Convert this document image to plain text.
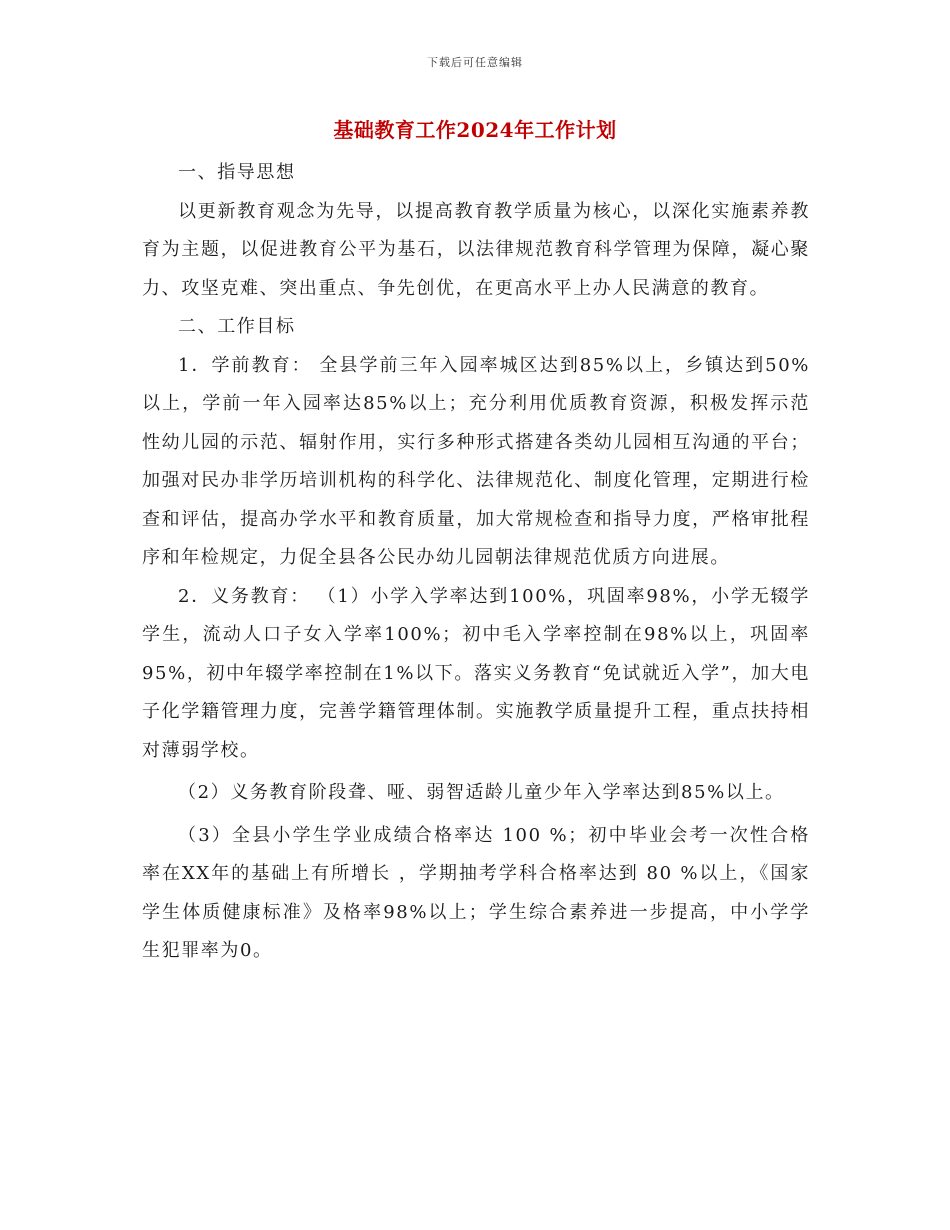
下载后可任意编辑
基础教育工作2024年工作计划

一、指导思想

以更新教育观念为先导，以提高教育教学质量为核心，以深化实施素养教育为主题，以促进教育公平为基石，以法律规范教育科学管理为保障，凝心聚力、攻坚克难、突出重点、争先创优，在更高水平上办人民满意的教育。

二、工作目标

1．学前教育： 全县学前三年入园率城区达到85%以上，乡镇达到50%以上，学前一年入园率达85%以上；充分利用优质教育资源，积极发挥示范性幼儿园的示范、辐射作用，实行多种形式搭建各类幼儿园相互沟通的平台；加强对民办非学历培训机构的科学化、法律规范化、制度化管理，定期进行检查和评估，提高办学水平和教育质量，加大常规检查和指导力度，严格审批程序和年检规定，力促全县各公民办幼儿园朝法律规范优质方向进展。

2．义务教育： （1）小学入学率达到100%，巩固率98%，小学无辍学学生，流动人口子女入学率100%；初中毛入学率控制在98%以上，巩固率95%，初中年辍学率控制在1%以下。落实义务教育“免试就近入学”，加大电子化学籍管理力度，完善学籍管理体制。实施教学质量提升工程，重点扶持相对薄弱学校。

（2）义务教育阶段聋、哑、弱智适龄儿童少年入学率达到85%以上。

（3）全县小学生学业成绩合格率达 100 %；初中毕业会考一次性合格率在XX年的基础上有所增长 ，学期抽考学科合格率达到 80 %以上，《国家学生体质健康标准》及格率98%以上；学生综合素养进一步提高，中小学学生犯罪率为0。
